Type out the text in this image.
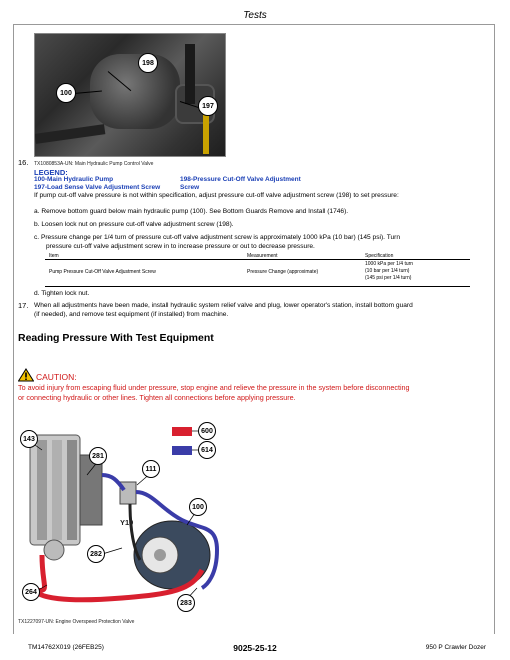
Tests
198
100
197
TX1080853A-UN: Main Hydraulic Pump Control Valve
16.
LEGEND:
100-Main Hydraulic Pump	198-Pressure Cut-Off Valve Adjustment
197-Load Sense Valve Adjustment Screw	Screw
If pump cut-off valve pressure is not within specification, adjust pressure cut-off valve adjustment screw (198) to set pressure:
a. Remove bottom guard below main hydraulic pump (100). See Bottom Guards Remove and Install (1746).
b. Loosen lock nut on pressure cut-off valve adjustment screw (198).
c. Pressure change per 1/4 turn of pressure cut-off valve adjustment screw is approximately 1000 kPa (10 bar) (145 psi). Turn
pressure cut-off valve adjustment screw in to increase pressure or out to decrease pressure.
Item	Measurement	Specification
Pump Pressure Cut-Off Valve Adjustment Screw	Pressure Change (approximate)
1000 kPa per 1/4 turn
(10 bar per 1/4 turn)
(145 psi per 1/4 turn)
d. Tighten lock nut.
17. When all adjustments have been made, install hydraulic system relief valve and plug, lower operator's station, install bottom guard
(if needed), and remove test equipment (if installed) from machine.
Reading Pressure With Test Equipment
CAUTION:
To avoid injury from escaping fluid under pressure, stop engine and relieve the pressure in the system before disconnecting
or connecting hydraulic or other lines. Tighten all connections before applying pressure.
143
281
111
100
282
264
283
600
614
Y10
TX1227097-UN: Engine Overspeed Protection Valve
TM14762X019 (26FEB25)	9025-25-12	950 P Crawler Dozer
